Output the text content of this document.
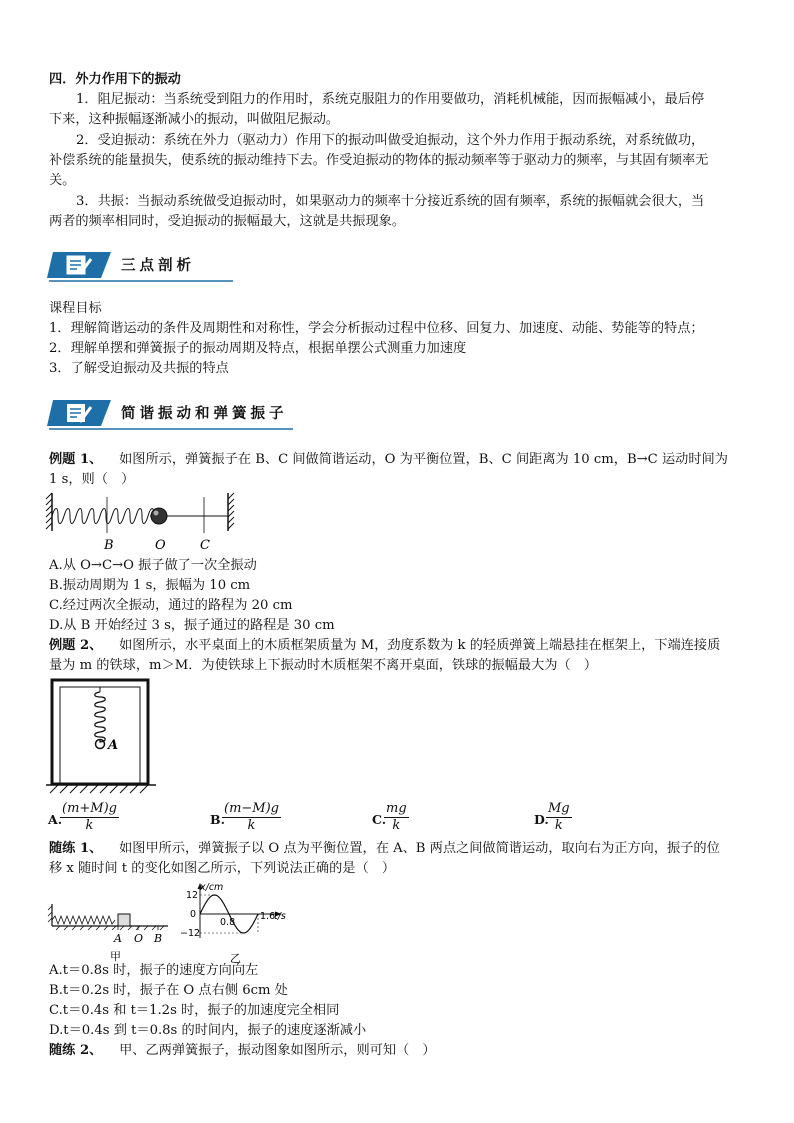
四．外力作用下的振动
1．阻尼振动：当系统受到阻力的作用时，系统克服阻力的作用要做功，消耗机械能，因而振幅减小，最后停
下来，这种振幅逐渐减小的振动，叫做阻尼振动。
2．受迫振动：系统在外力（驱动力）作用下的振动叫做受迫振动，这个外力作用于振动系统，对系统做功，
补偿系统的能量损失，使系统的振动维持下去。作受迫振动的物体的振动频率等于驱动力的频率，与其固有频率无
关。
3．共振：当振动系统做受迫振动时，如果驱动力的频率十分接近系统的固有频率，系统的振幅就会很大，当
两者的频率相同时，受迫振动的振幅最大，这就是共振现象。
三点剖析
课程目标
1．理解简谐运动的条件及周期性和对称性，学会分析振动过程中位移、回复力、加速度、动能、势能等的特点；
2．理解单摆和弹簧振子的振动周期及特点，根据单摆公式测重力加速度
3．了解受迫振动及共振的特点
简谐振动和弹簧振子
例题 1、 如图所示，弹簧振子在 B、C 间做简谐运动，O 为平衡位置，B、C 间距离为 10 cm，B→C 运动时间为
1 s，则（　）
B	O	C
A.从 O→C→O 振子做了一次全振动
B.振动周期为 1 s，振幅为 10 cm
C.经过两次全振动，通过的路程为 20 cm
D.从 B 开始经过 3 s，振子通过的路程是 30 cm
例题 2、 如图所示，水平桌面上的木质框架质量为 M，劲度系数为 k 的轻质弹簧上端悬挂在框架上，下端连接质
量为 m 的铁球，m＞M．为使铁球上下振动时木质框架不离开桌面，铁球的振幅最大为（　）
A
A.
$\frac{(m+M)g}{k}$	B.
$\frac{(m-M)g}{k}$	C.
$\frac{mg}{k}$	D.
$\frac{Mg}{k}$
随练 1、 如图甲所示，弹簧振子以 O 点为平衡位置，在 A、B 两点之间做简谐运动，取向右为正方向，振子的位
移 x 随时间 t 的变化如图乙所示，下列说法正确的是（　）
A O B
甲
x/cm
12
0
−12
0.8
1.6
t/s
乙
A.t＝0.8s 时，振子的速度方向向左
B.t＝0.2s 时，振子在 O 点右侧 6cm 处
C.t＝0.4s 和 t＝1.2s 时，振子的加速度完全相同
D.t＝0.4s 到 t＝0.8s 的时间内，振子的速度逐渐减小
随练 2、 甲、乙两弹簧振子，振动图象如图所示，则可知（　）
